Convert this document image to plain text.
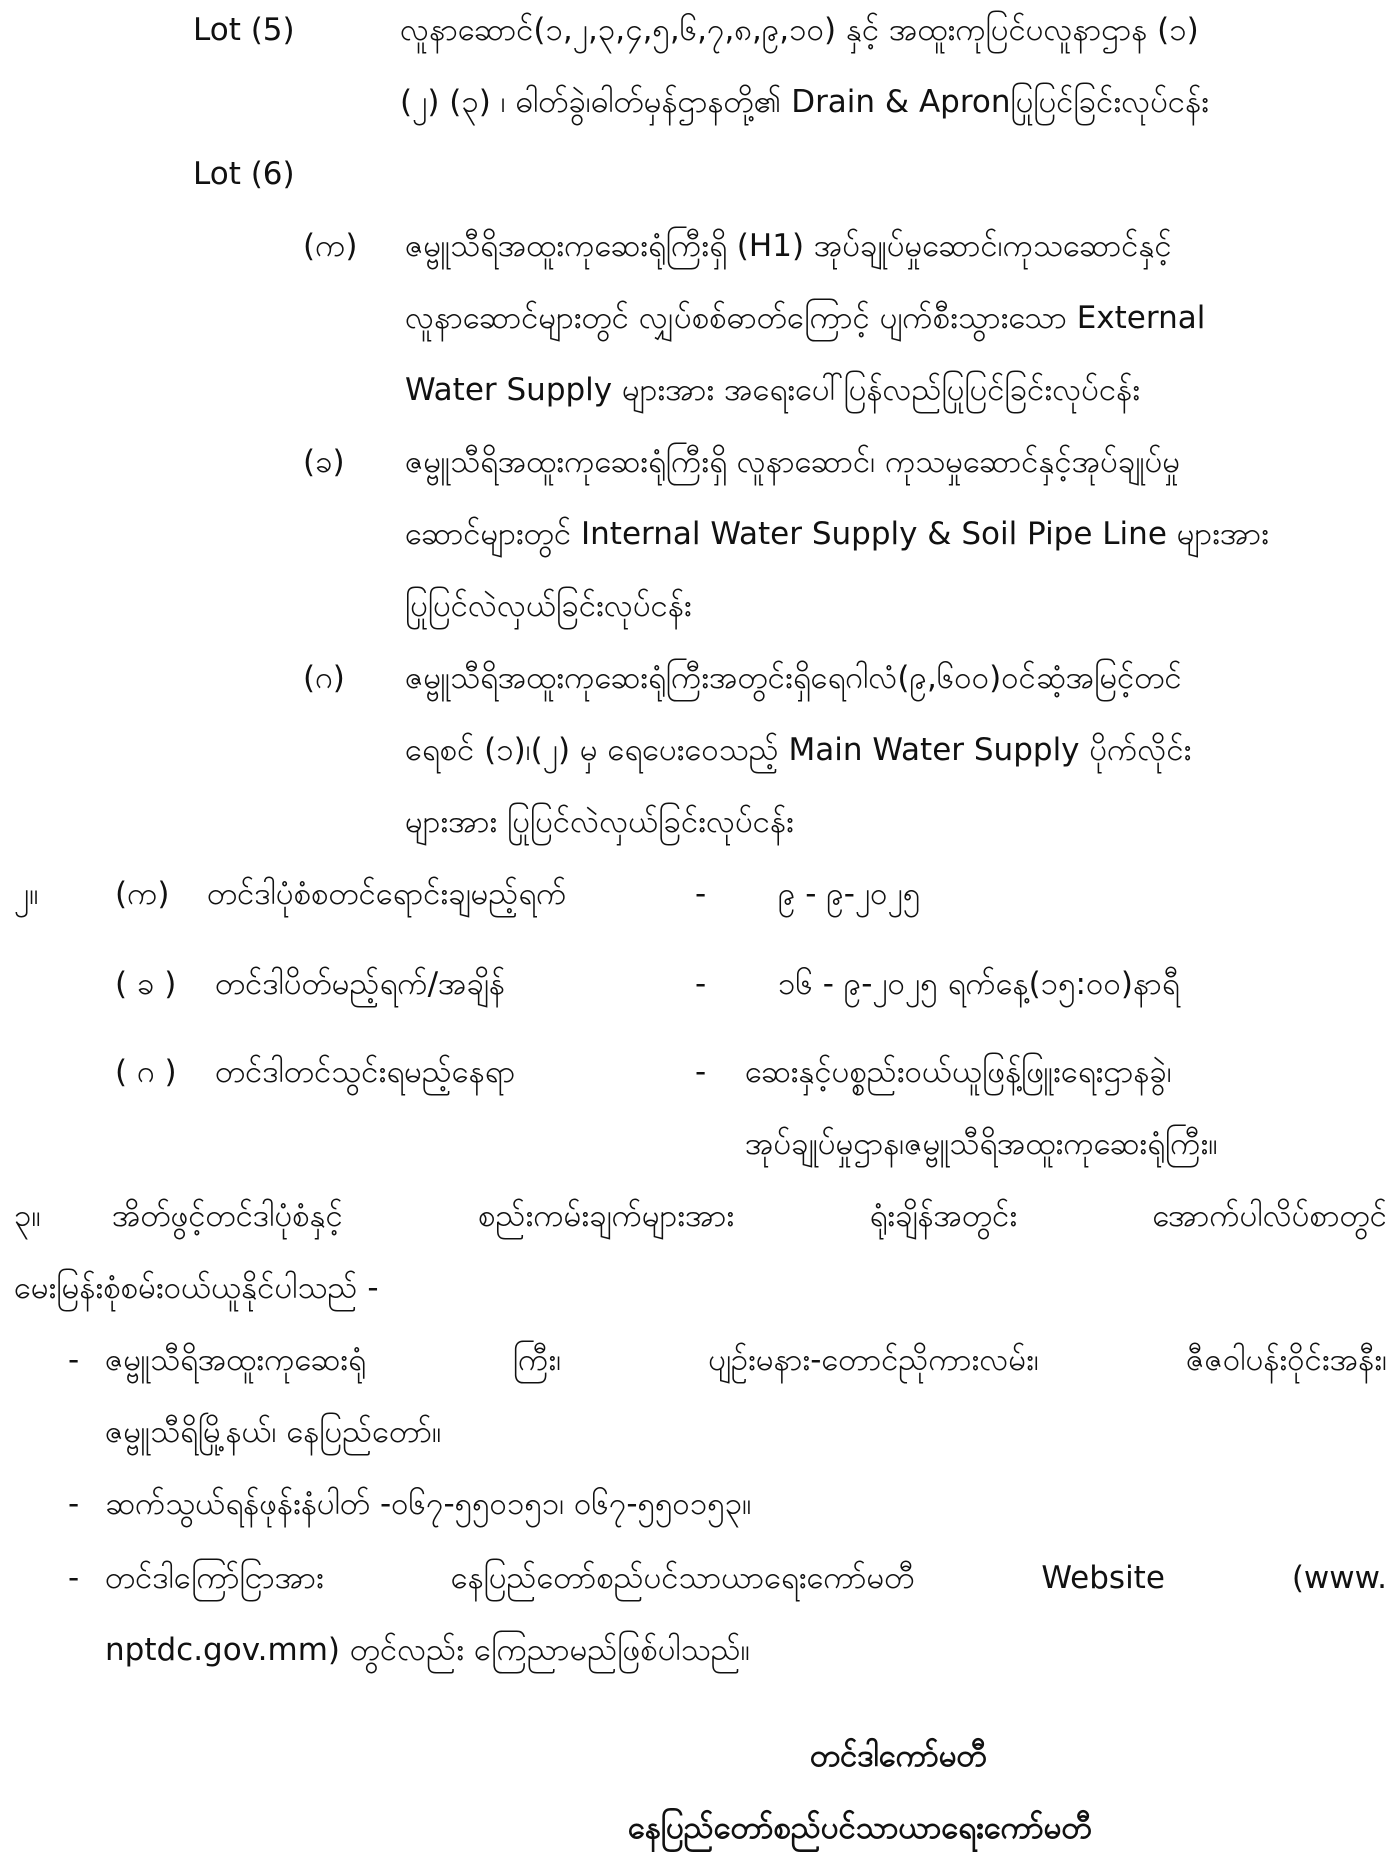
Lot (5)	လူနာဆောင်(၁,၂,၃,၄,၅,၆,၇,၈,၉,၁၀) နှင့် အထူးကုပြင်ပလူနာဌာန (၁)
(၂) (၃) ၊ ဓါတ်ခွဲ၊ဓါတ်မှန်ဌာနတို့၏ Drain & Apronပြုပြင်ခြင်းလုပ်ငန်း
Lot (6)
(က) ဇမ္ဗူသီရိအထူးကုဆေးရုံကြီးရှိ (H1) အုပ်ချုပ်မှုဆောင်၊ကုသဆောင်နှင့်
လူနာဆောင်များတွင် လျှပ်စစ်ဓာတ်ကြောင့် ပျက်စီးသွားသော External
Water Supply များအား အရေးပေါ်ပြန်လည်ပြုပြင်ခြင်းလုပ်ငန်း
(ခ) ဇမ္ဗူသီရိအထူးကုဆေးရုံကြီးရှိ လူနာဆောင်၊ ကုသမှုဆောင်နှင့်အုပ်ချုပ်မှု
ဆောင်များတွင် Internal Water Supply & Soil Pipe Line များအား
ပြုပြင်လဲလှယ်ခြင်းလုပ်ငန်း
(ဂ) ဇမ္ဗူသီရိအထူးကုဆေးရုံကြီးအတွင်းရှိရေဂါလံ(၉,၆၀၀)ဝင်ဆံ့အမြင့်တင်
ရေစင် (၁)၊(၂) မှ ရေပေးဝေသည့် Main Water Supply ပိုက်လိုင်း
များအား ပြုပြင်လဲလှယ်ခြင်းလုပ်ငန်း
၂။ (က) တင်ဒါပုံစံစတင်ရောင်းချမည့်ရက်	- ၉ - ၉-၂၀၂၅
( ခ ) တင်ဒါပိတ်မည့်ရက်/အချိန်	- ၁၆ - ၉-၂၀၂၅ ရက်နေ့(၁၅:၀၀)နာရီ
( ဂ ) တင်ဒါတင်သွင်းရမည့်နေရာ	- ဆေးနှင့်ပစ္စည်းဝယ်ယူဖြန့်ဖြူးရေးဌာနခွဲ၊
အုပ်ချုပ်မှုဌာန၊ဇမ္ဗူသီရိအထူးကုဆေးရုံကြီး။
၃။ အိတ်ဖွင့်တင်ဒါပုံစံနှင့် စည်းကမ်းချက်များအား ရုံးချိန်အတွင်း အောက်ပါလိပ်စာတွင်
မေးမြန်းစုံစမ်းဝယ်ယူနိုင်ပါသည် -
- ဇမ္ဗူသီရိအထူးကုဆေးရုံ ကြီး၊ ပျဉ်းမနား-တောင်ညိုကားလမ်း၊ ဇီဇဝါပန်းဝိုင်းအနီး၊
ဇမ္ဗူသီရိမြို့နယ်၊ နေပြည်တော်။
- ဆက်သွယ်ရန်ဖုန်းနံပါတ် -၀၆၇-၅၅၀၁၅၁၊ ၀၆၇-၅၅၀၁၅၃။
- တင်ဒါကြော်ငြာအား နေပြည်တော်စည်ပင်သာယာရေးကော်မတီ Website (www.
nptdc.gov.mm) တွင်လည်း ကြေညာမည်ဖြစ်ပါသည်။
တင်ဒါကော်မတီ
နေပြည်တော်စည်ပင်သာယာရေးကော်မတီ
